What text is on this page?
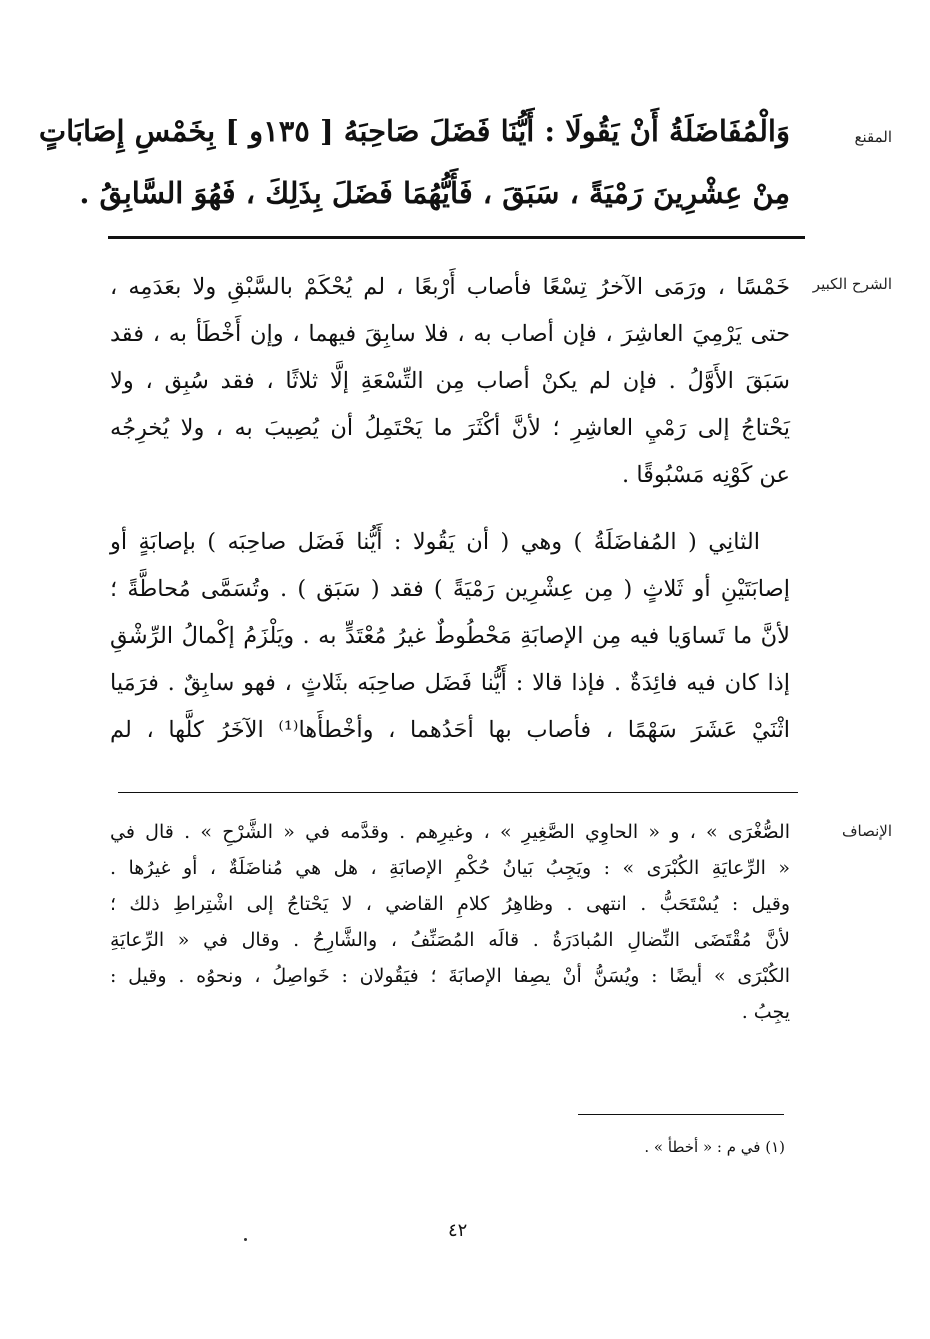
المقنع
وَالْمُفَاضَلَةُ أَنْ يَقُولَا : أَيُّنَا فَضَلَ صَاحِبَهُ [ ١٣٥و ] بِخَمْسِ إِصَابَاتٍ
مِنْ عِشْرِينَ رَمْيَةً ، سَبَقَ ، فَأَيُّهُمَا فَضَلَ بِذَلِكَ ، فَهُوَ السَّابِقُ .
الشرح الكبير
خَمْسًا ، ورَمَى الآخرُ تِسْعًا فأصاب أَرْبعًا ، لم يُحْكَمْ بالسَّبْقِ ولا بعَدَمِه ،
حتى يَرْمِيَ العاشِرَ ، فإن أصاب به ، فلا سابِقَ فيهما ، وإن أَخْطَأ به ، فقد
سَبَقَ الأَوَّلُ . فإن لم يكنْ أصاب مِن التِّسْعَةِ إلَّا ثلاثًا ، فقد سُبِق ، ولا
يَحْتاجُ إلى رَمْيِ العاشِرِ ؛ لأنَّ أكْثَرَ ما يَحْتَمِلُ أن يُصِيبَ به ، ولا يُخرِجُه
عن كَوْنِه مَسْبُوقًا .
الثانِي ( المُفاضَلَةُ ) وهي ( أن يَقُولا : أَيُّنا فَضَل صاحِبَه ) بإصابَةٍ أو
إصابَتَيْنِ أو ثَلاثٍ ( مِن عِشْرِين رَمْيَةً ) فقد ( سَبَق ) . وتُسَمَّى مُحاطَّةً ؛
لأنَّ ما تَساوَيا فيه مِن الإصابَةِ مَحْطُوطٌ غيرُ مُعْتَدٍّ به . ويَلْزَمُ إكْمالُ الرِّشْقِ
إذا كان فيه فائِدَةٌ . فإذا قالا : أَيُّنا فَضَل صاحِبَه بثَلاثٍ ، فهو سابِقٌ . فرَمَيا
اثْنَيْ عَشَرَ سَهْمًا ، فأصاب بها أحَدُهما ، وأخْطأَها⁽¹⁾ الآخَرُ كلَّها ، لم
الإنصاف
الصُّغْرَى » ، و « الحاوِي الصَّغِيرِ » ، وغيرِهم . وقدَّمه في « الشَّرْحِ » . قال في
« الرِّعايَةِ الكُبْرَى » : ويَجِبُ بَيانُ حُكْمِ الإصابَةِ ، هل هي مُناضَلَةٌ ، أو غيرُها .
وقيل : يُسْتَحَبُّ . انتهى . وظاهِرُ كلامِ القاضي ، لا يَحْتاجُ إلى اشْتِراطِ ذلك ؛
لأنَّ مُقْتَضَى النِّضالِ المُبادَرَةُ . قالَه المُصَنِّفُ ، والشَّارِحُ . وقال في « الرِّعايَةِ
الكُبْرَى » أيضًا : ويُسَنُّ أنْ يصِفا الإصابَةَ ؛ فيَقُولان : خَواصِلُ ، ونحوُه . وقيل :
يجِبُ .
(١) في م : « أخطأ » .
٤٢
